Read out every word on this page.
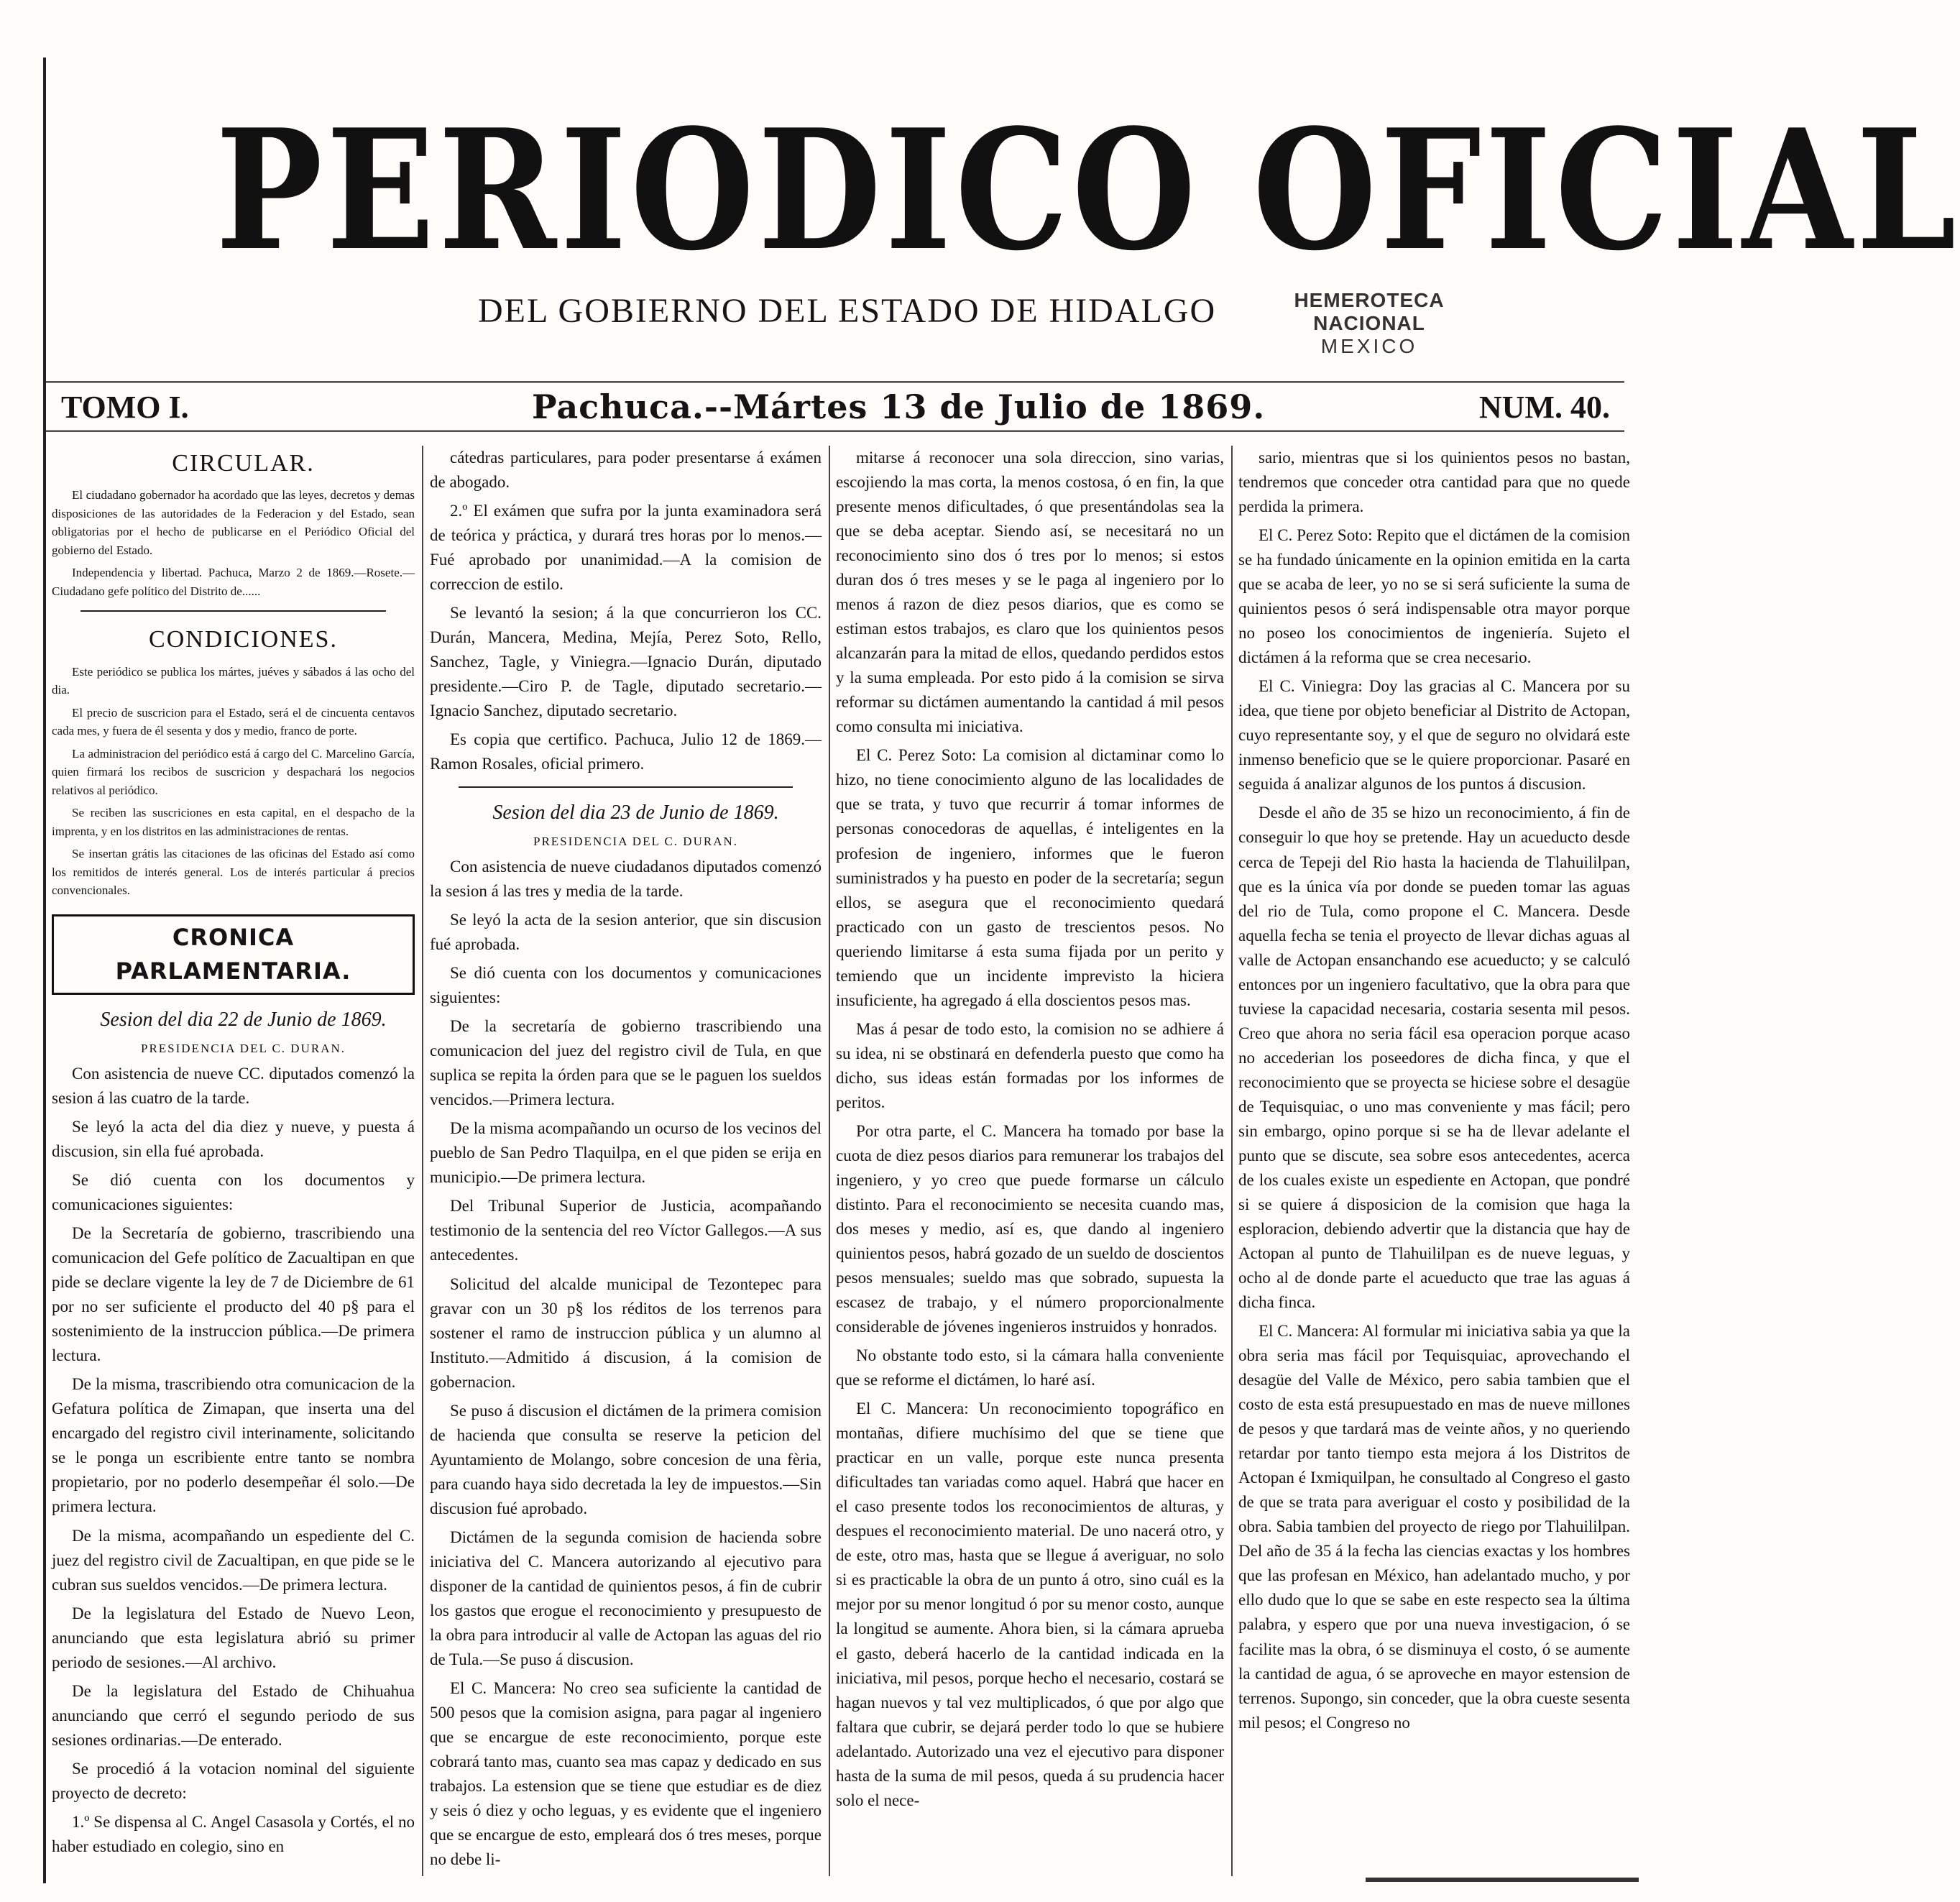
PERIODICO OFICIAL
DEL GOBIERNO DEL ESTADO DE HIDALGO	HEMEROTECA NACIONAL
MEXICO
TOMO I.	Pachuca.--Mártes 13 de Julio de 1869.	NUM. 40.

CIRCULAR.

El ciudadano gobernador ha acordado que las leyes, decretos y demas disposiciones de las autoridades de la Federacion y del Estado, sean obligatorias por el hecho de publicarse en el Periódico Oficial del gobierno del Estado.

Independencia y libertad. Pachuca, Marzo 2 de 1869.—Rosete.—Ciudadano gefe político del Distrito de......

CONDICIONES.

Este periódico se publica los mártes, juéves y sábados á las ocho del dia.

El precio de suscricion para el Estado, será el de cincuenta centavos cada mes, y fuera de él sesenta y dos y medio, franco de porte.

La administracion del periódico está á cargo del C. Marcelino García, quien firmará los recibos de suscricion y despachará los negocios relativos al periódico.

Se reciben las suscriciones en esta capital, en el despacho de la imprenta, y en los distritos en las administraciones de rentas.

Se insertan grátis las citaciones de las oficinas del Estado así como los remitidos de interés general. Los de interés particular á precios convencionales.

CRONICA PARLAMENTARIA.

Sesion del dia 22 de Junio de 1869.

PRESIDENCIA DEL C. DURAN.

Con asistencia de nueve CC. diputados comenzó la sesion á las cuatro de la tarde.

Se leyó la acta del dia diez y nueve, y puesta á discusion, sin ella fué aprobada.

Se dió cuenta con los documentos y comunicaciones siguientes:

De la Secretaría de gobierno, trascribiendo una comunicacion del Gefe político de Zacualtipan en que pide se declare vigente la ley de 7 de Diciembre de 61 por no ser suficiente el producto del 40 p§ para el sostenimiento de la instruccion pública.—De primera lectura.

De la misma, trascribiendo otra comunicacion de la Gefatura política de Zimapan, que inserta una del encargado del registro civil interinamente, solicitando se le ponga un escribiente entre tanto se nombra propietario, por no poderlo desempeñar él solo.—De primera lectura.

De la misma, acompañando un espediente del C. juez del registro civil de Zacualtipan, en que pide se le cubran sus sueldos vencidos.—De primera lectura.

De la legislatura del Estado de Nuevo Leon, anunciando que esta legislatura abrió su primer periodo de sesiones.—Al archivo.

De la legislatura del Estado de Chihuahua anunciando que cerró el segundo periodo de sus sesiones ordinarias.—De enterado.

Se procedió á la votacion nominal del siguiente proyecto de decreto:

1.º Se dispensa al C. Angel Casasola y Cortés, el no haber estudiado en colegio, sino en

cátedras particulares, para poder presentarse á exámen de abogado.

2.º El exámen que sufra por la junta examinadora será de teórica y práctica, y durará tres horas por lo menos.—Fué aprobado por unanimidad.—A la comision de correccion de estilo.

Se levantó la sesion; á la que concurrieron los CC. Durán, Mancera, Medina, Mejía, Perez Soto, Rello, Sanchez, Tagle, y Viniegra.—Ignacio Durán, diputado presidente.—Ciro P. de Tagle, diputado secretario.—Ignacio Sanchez, diputado secretario.

Es copia que certifico. Pachuca, Julio 12 de 1869.—Ramon Rosales, oficial primero.

Sesion del dia 23 de Junio de 1869.

PRESIDENCIA DEL C. DURAN.

Con asistencia de nueve ciudadanos diputados comenzó la sesion á las tres y media de la tarde.

Se leyó la acta de la sesion anterior, que sin discusion fué aprobada.

Se dió cuenta con los documentos y comunicaciones siguientes:

De la secretaría de gobierno trascribiendo una comunicacion del juez del registro civil de Tula, en que suplica se repita la órden para que se le paguen los sueldos vencidos.—Primera lectura.

De la misma acompañando un ocurso de los vecinos del pueblo de San Pedro Tlaquilpa, en el que piden se erija en municipio.—De primera lectura.

Del Tribunal Superior de Justicia, acompañando testimonio de la sentencia del reo Víctor Gallegos.—A sus antecedentes.

Solicitud del alcalde municipal de Tezontepec para gravar con un 30 p§ los réditos de los terrenos para sostener el ramo de instruccion pública y un alumno al Instituto.—Admitido á discusion, á la comision de gobernacion.

Se puso á discusion el dictámen de la primera comision de hacienda que consulta se reserve la peticion del Ayuntamiento de Molango, sobre concesion de una fèria, para cuando haya sido decretada la ley de impuestos.—Sin discusion fué aprobado.

Dictámen de la segunda comision de hacienda sobre iniciativa del C. Mancera autorizando al ejecutivo para disponer de la cantidad de quinientos pesos, á fin de cubrir los gastos que erogue el reconocimiento y presupuesto de la obra para introducir al valle de Actopan las aguas del rio de Tula.—Se puso á discusion.

El C. Mancera: No creo sea suficiente la cantidad de 500 pesos que la comision asigna, para pagar al ingeniero que se encargue de este reconocimiento, porque este cobrará tanto mas, cuanto sea mas capaz y dedicado en sus trabajos. La estension que se tiene que estudiar es de diez y seis ó diez y ocho leguas, y es evidente que el ingeniero que se encargue de esto, empleará dos ó tres meses, porque no debe li-

mitarse á reconocer una sola direccion, sino varias, escojiendo la mas corta, la menos costosa, ó en fin, la que presente menos dificultades, ó que presentándolas sea la que se deba aceptar. Siendo así, se necesitará no un reconocimiento sino dos ó tres por lo menos; si estos duran dos ó tres meses y se le paga al ingeniero por lo menos á razon de diez pesos diarios, que es como se estiman estos trabajos, es claro que los quinientos pesos alcanzarán para la mitad de ellos, quedando perdidos estos y la suma empleada. Por esto pido á la comision se sirva reformar su dictámen aumentando la cantidad á mil pesos como consulta mi iniciativa.

El C. Perez Soto: La comision al dictaminar como lo hizo, no tiene conocimiento alguno de las localidades de que se trata, y tuvo que recurrir á tomar informes de personas conocedoras de aquellas, é inteligentes en la profesion de ingeniero, informes que le fueron suministrados y ha puesto en poder de la secretaría; segun ellos, se asegura que el reconocimiento quedará practicado con un gasto de trescientos pesos. No queriendo limitarse á esta suma fijada por un perito y temiendo que un incidente imprevisto la hiciera insuficiente, ha agregado á ella doscientos pesos mas.

Mas á pesar de todo esto, la comision no se adhiere á su idea, ni se obstinará en defenderla puesto que como ha dicho, sus ideas están formadas por los informes de peritos.

Por otra parte, el C. Mancera ha tomado por base la cuota de diez pesos diarios para remunerar los trabajos del ingeniero, y yo creo que puede formarse un cálculo distinto. Para el reconocimiento se necesita cuando mas, dos meses y medio, así es, que dando al ingeniero quinientos pesos, habrá gozado de un sueldo de doscientos pesos mensuales; sueldo mas que sobrado, supuesta la escasez de trabajo, y el número proporcionalmente considerable de jóvenes ingenieros instruidos y honrados.

No obstante todo esto, si la cámara halla conveniente que se reforme el dictámen, lo haré así.

El C. Mancera: Un reconocimiento topográfico en montañas, difiere muchísimo del que se tiene que practicar en un valle, porque este nunca presenta dificultades tan variadas como aquel. Habrá que hacer en el caso presente todos los reconocimientos de alturas, y despues el reconocimiento material. De uno nacerá otro, y de este, otro mas, hasta que se llegue á averiguar, no solo si es practicable la obra de un punto á otro, sino cuál es la mejor por su menor longitud ó por su menor costo, aunque la longitud se aumente. Ahora bien, si la cámara aprueba el gasto, deberá hacerlo de la cantidad indicada en la iniciativa, mil pesos, porque hecho el necesario, costará se hagan nuevos y tal vez multiplicados, ó que por algo que faltara que cubrir, se dejará perder todo lo que se hubiere adelantado. Autorizado una vez el ejecutivo para disponer hasta de la suma de mil pesos, queda á su prudencia hacer solo el nece-

sario, mientras que si los quinientos pesos no bastan, tendremos que conceder otra cantidad para que no quede perdida la primera.

El C. Perez Soto: Repito que el dictámen de la comision se ha fundado únicamente en la opinion emitida en la carta que se acaba de leer, yo no se si será suficiente la suma de quinientos pesos ó será indispensable otra mayor porque no poseo los conocimientos de ingeniería. Sujeto el dictámen á la reforma que se crea necesario.

El C. Viniegra: Doy las gracias al C. Mancera por su idea, que tiene por objeto beneficiar al Distrito de Actopan, cuyo representante soy, y el que de seguro no olvidará este inmenso beneficio que se le quiere proporcionar. Pasaré en seguida á analizar algunos de los puntos á discusion.

Desde el año de 35 se hizo un reconocimiento, á fin de conseguir lo que hoy se pretende. Hay un acueducto desde cerca de Tepeji del Rio hasta la hacienda de Tlahuililpan, que es la única vía por donde se pueden tomar las aguas del rio de Tula, como propone el C. Mancera. Desde aquella fecha se tenia el proyecto de llevar dichas aguas al valle de Actopan ensanchando ese acueducto; y se calculó entonces por un ingeniero facultativo, que la obra para que tuviese la capacidad necesaria, costaria sesenta mil pesos. Creo que ahora no seria fácil esa operacion porque acaso no accederian los poseedores de dicha finca, y que el reconocimiento que se proyecta se hiciese sobre el desagüe de Tequisquiac, o uno mas conveniente y mas fácil; pero sin embargo, opino porque si se ha de llevar adelante el punto que se discute, sea sobre esos antecedentes, acerca de los cuales existe un espediente en Actopan, que pondré si se quiere á disposicion de la comision que haga la esploracion, debiendo advertir que la distancia que hay de Actopan al punto de Tlahuililpan es de nueve leguas, y ocho al de donde parte el acueducto que trae las aguas á dicha finca.

El C. Mancera: Al formular mi iniciativa sabia ya que la obra seria mas fácil por Tequisquiac, aprovechando el desagüe del Valle de México, pero sabia tambien que el costo de esta está presupuestado en mas de nueve millones de pesos y que tardará mas de veinte años, y no queriendo retardar por tanto tiempo esta mejora á los Distritos de Actopan é Ixmiquilpan, he consultado al Congreso el gasto de que se trata para averiguar el costo y posibilidad de la obra. Sabia tambien del proyecto de riego por Tlahuililpan. Del año de 35 á la fecha las ciencias exactas y los hombres que las profesan en México, han adelantado mucho, y por ello dudo que lo que se sabe en este respecto sea la última palabra, y espero que por una nueva investigacion, ó se facilite mas la obra, ó se disminuya el costo, ó se aumente la cantidad de agua, ó se aproveche en mayor estension de terrenos. Supongo, sin conceder, que la obra cueste sesenta mil pesos; el Congreso no
